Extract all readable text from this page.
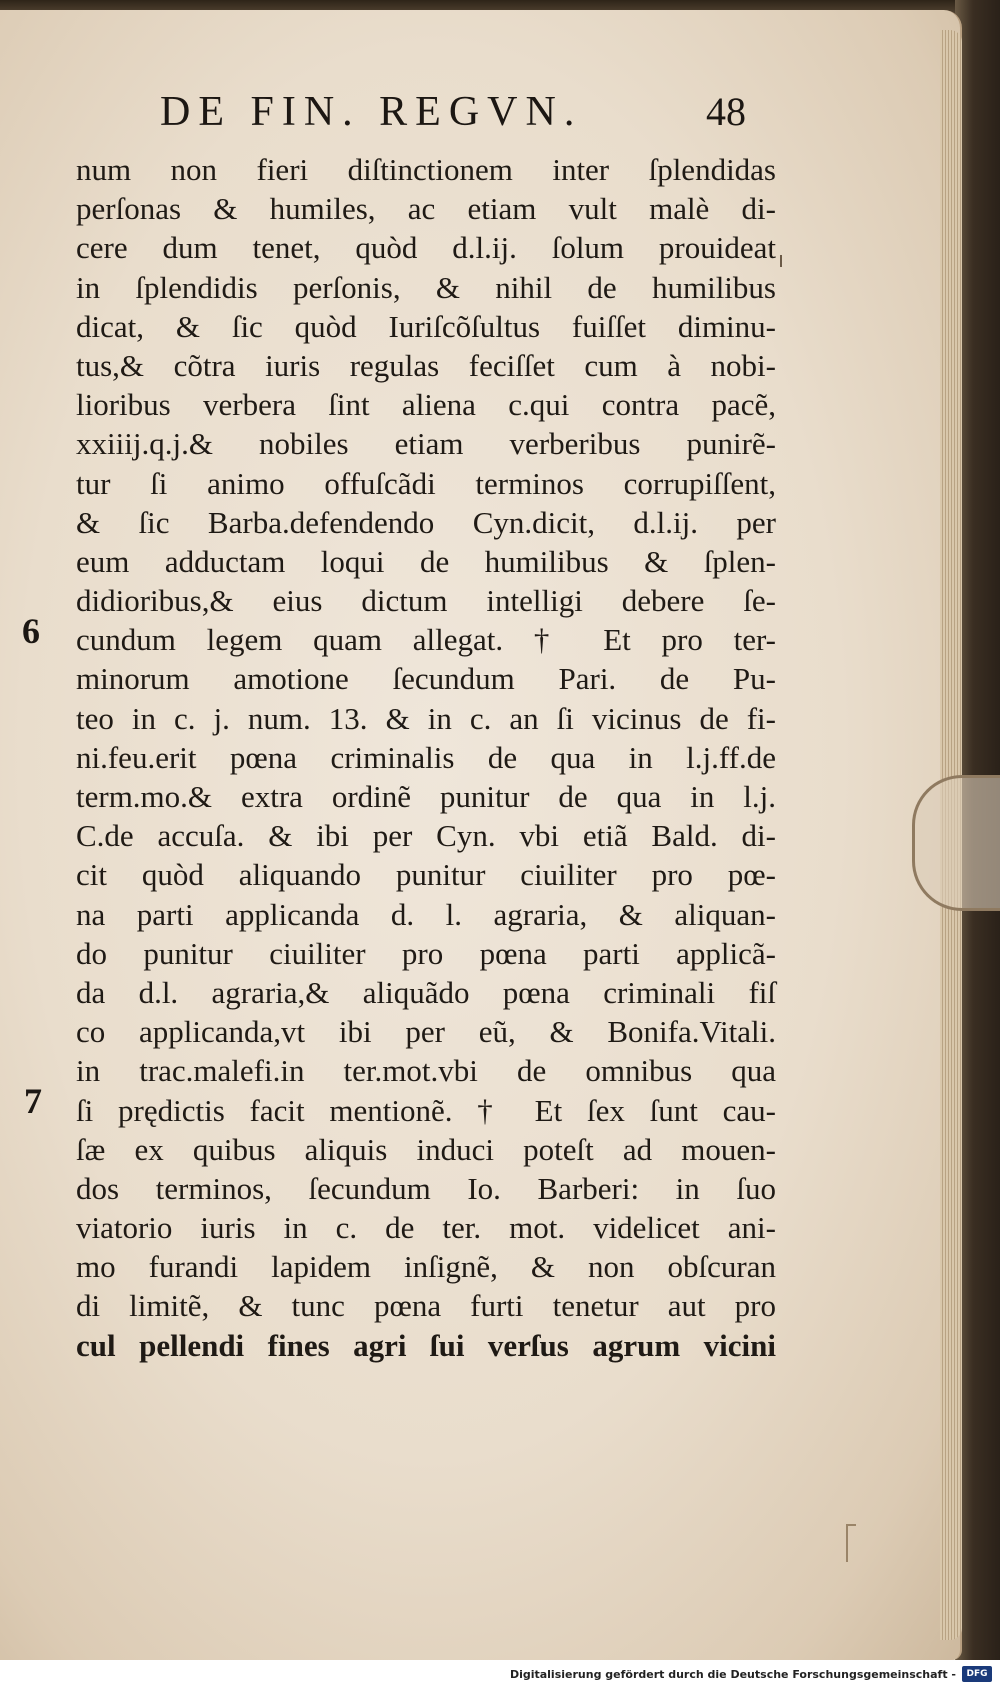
DE FIN. REGVN.	48
6
7
num non fieri diſtinctionem inter ſplendidas
perſonas & humiles, ac etiam vult malè di-
cere dum tenet, quòd d.l.ij. ſolum prouideat
in ſplendidis perſonis, & nihil de humilibus
dicat, & ſic quòd Iuriſcõſultus fuiſſet diminu-
tus,& cõtra iuris regulas feciſſet cum à nobi-
lioribus verbera ſint aliena c.qui contra pacẽ,
xxiiij.q.j.& nobiles etiam verberibus punirẽ-
tur ſi animo offuſcãdi terminos corrupiſſent,
& ſic Barba.defendendo Cyn.dicit, d.l.ij. per
eum adductam loqui de humilibus & ſplen-
didioribus,& eius dictum intelligi debere ſe-
cundum legem quam allegat. † Et pro ter-
minorum amotione ſecundum Pari. de Pu-
teo in c. j. num. 13. & in c. an ſi vicinus de fi-
ni.feu.erit pœna criminalis de qua in l.j.ff.de
term.mo.& extra ordinẽ punitur de qua in l.j.
C.de accuſa. & ibi per Cyn. vbi etiã Bald. di-
cit quòd aliquando punitur ciuiliter pro pœ-
na parti applicanda d. l. agraria, & aliquan-
do punitur ciuiliter pro pœna parti applicã-
da d.l. agraria,& aliquãdo pœna criminali fiſ
co applicanda,vt ibi per eũ, & Bonifa.Vitali.
in trac.malefi.in ter.mot.vbi de omnibus qua
ſi prędictis facit mentionẽ. † Et ſex ſunt cau-
ſæ ex quibus aliquis induci poteſt ad mouen-
dos terminos, ſecundum Io. Barberi: in ſuo
viatorio iuris in c. de ter. mot. videlicet ani-
mo furandi lapidem inſignẽ, & non obſcuran
di limitẽ, & tunc pœna furti tenetur aut pro
cul pellendi fines agri ſui verſus agrum vicini
Digitalisierung gefördert durch die Deutsche Forschungsgemeinschaft -	DFG
